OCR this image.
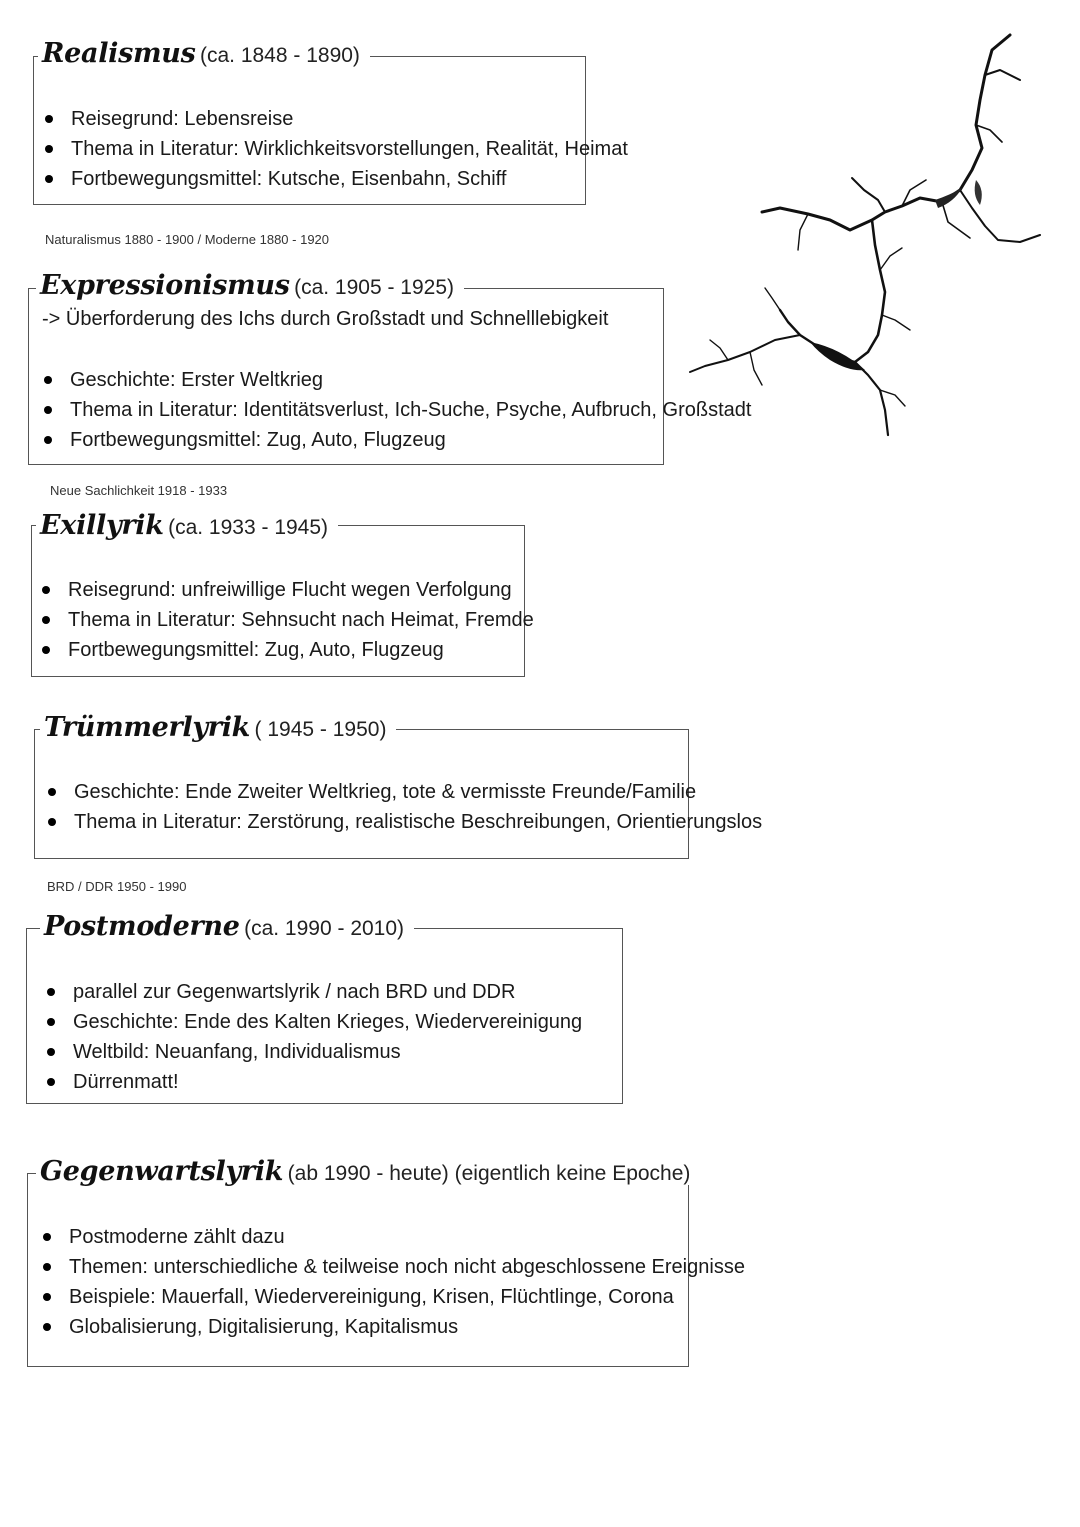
Realismus (ca. 1848 - 1890)
Reisegrund: Lebensreise
Thema in Literatur: Wirklichkeitsvorstellungen, Realität, Heimat
Fortbewegungsmittel: Kutsche, Eisenbahn, Schiff
Naturalismus 1880 - 1900 / Moderne 1880 - 1920
Expressionismus (ca. 1905 - 1925)
-> Überforderung des Ichs durch Großstadt und Schnelllebigkeit
Geschichte: Erster Weltkrieg
Thema in Literatur: Identitätsverlust, Ich-Suche, Psyche, Aufbruch, Großstadt
Fortbewegungsmittel: Zug, Auto, Flugzeug
Neue Sachlichkeit 1918 - 1933
Exillyrik (ca. 1933 - 1945)
Reisegrund: unfreiwillige Flucht wegen Verfolgung
Thema in Literatur: Sehnsucht nach Heimat, Fremde
Fortbewegungsmittel: Zug, Auto, Flugzeug
Trümmerlyrik ( 1945 - 1950)
Geschichte: Ende Zweiter Weltkrieg, tote & vermisste Freunde/Familie
Thema in Literatur: Zerstörung, realistische Beschreibungen, Orientierungslos
BRD / DDR 1950 - 1990
Postmoderne (ca. 1990 - 2010)
parallel zur Gegenwartslyrik / nach BRD und DDR
Geschichte: Ende des Kalten Krieges, Wiedervereinigung
Weltbild: Neuanfang, Individualismus
Dürrenmatt!
Gegenwartslyrik (ab 1990 - heute) (eigentlich keine Epoche)
Postmoderne zählt dazu
Themen: unterschiedliche & teilweise noch nicht abgeschlossene Ereignisse
Beispiele: Mauerfall, Wiedervereinigung, Krisen, Flüchtlinge, Corona
Globalisierung, Digitalisierung, Kapitalismus
